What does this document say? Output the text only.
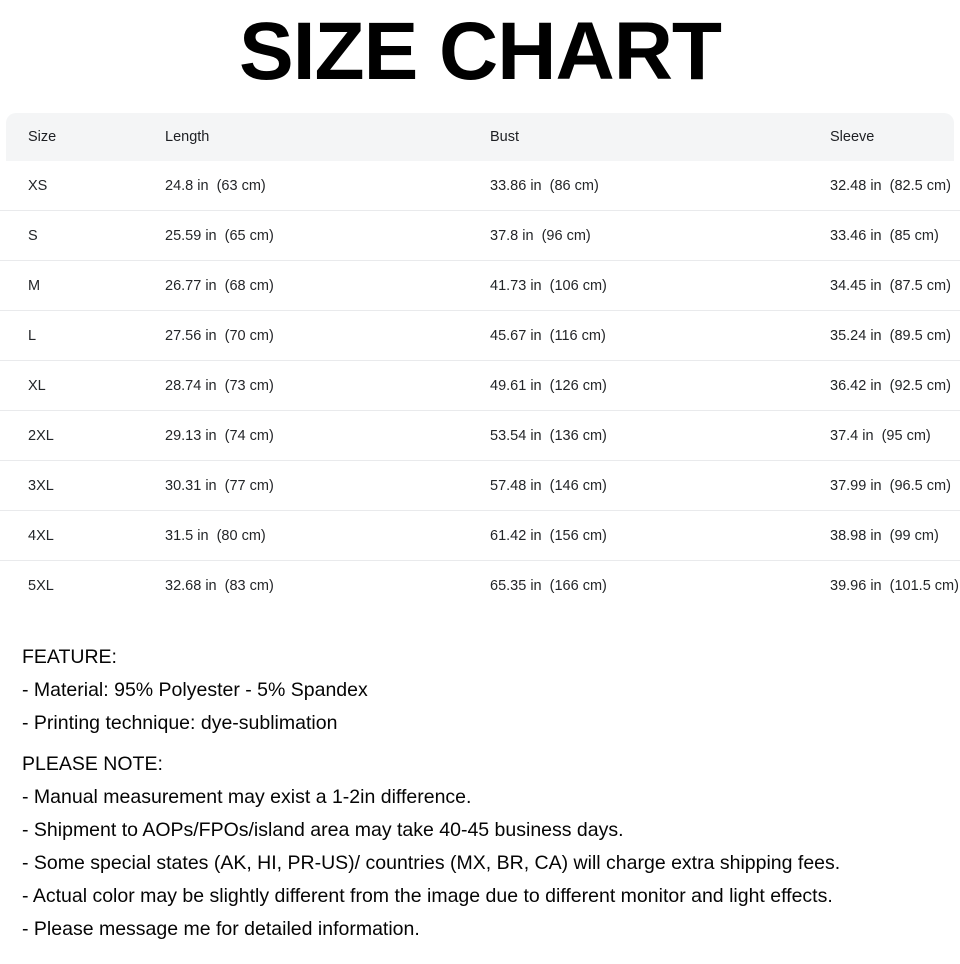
SIZE CHART
Size	Length	Bust	Sleeve
XS	24.8 in  (63 cm)	33.86 in  (86 cm)	32.48 in  (82.5 cm)
S	25.59 in  (65 cm)	37.8 in  (96 cm)	33.46 in  (85 cm)
M	26.77 in  (68 cm)	41.73 in  (106 cm)	34.45 in  (87.5 cm)
L	27.56 in  (70 cm)	45.67 in  (116 cm)	35.24 in  (89.5 cm)
XL	28.74 in  (73 cm)	49.61 in  (126 cm)	36.42 in  (92.5 cm)
2XL	29.13 in  (74 cm)	53.54 in  (136 cm)	37.4 in  (95 cm)
3XL	30.31 in  (77 cm)	57.48 in  (146 cm)	37.99 in  (96.5 cm)
4XL	31.5 in  (80 cm)	61.42 in  (156 cm)	38.98 in  (99 cm)
5XL	32.68 in  (83 cm)	65.35 in  (166 cm)	39.96 in  (101.5 cm)

FEATURE:

- Material: 95% Polyester - 5% Spandex

- Printing technique: dye-sublimation

PLEASE NOTE:

- Manual measurement may exist a 1-2in difference.

- Shipment to AOPs/FPOs/island area may take 40-45 business days.

- Some special states (AK, HI, PR-US)/ countries (MX, BR, CA) will charge extra shipping fees.

- Actual color may be slightly different from the image due to different monitor and light effects.

- Please message me for detailed information.
